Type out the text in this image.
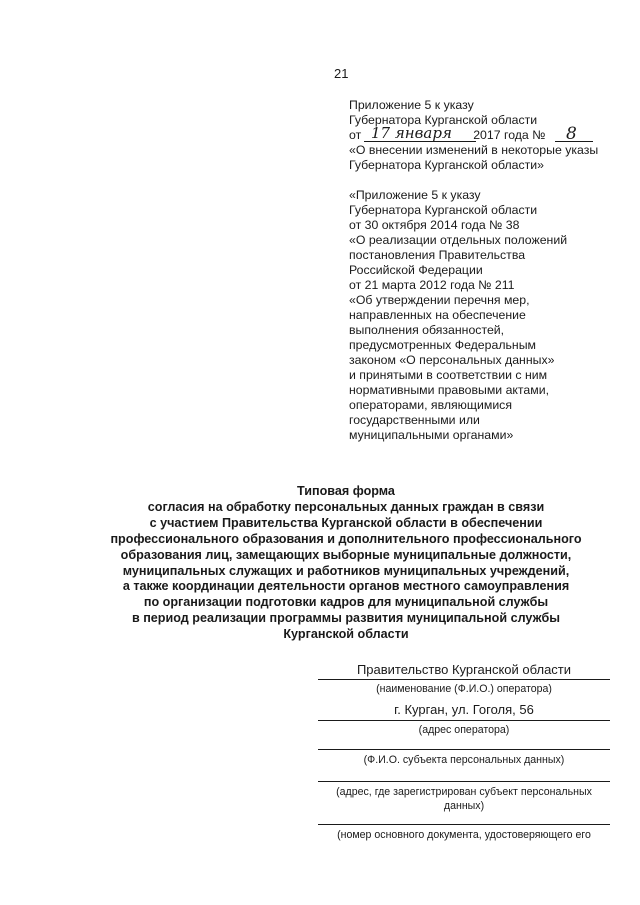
21
Приложение 5 к указу
Губернатора Курганской области
от	2017 года №
«О внесении изменений в некоторые указы
Губернатора Курганской области»
17 января	8
«Приложение 5 к указу
Губернатора Курганской области
от 30 октября 2014 года № 38
«О реализации отдельных положений
постановления Правительства
Российской Федерации
от 21 марта 2012 года № 211
«Об утверждении перечня мер,
направленных на обеспечение
выполнения обязанностей,
предусмотренных Федеральным
законом «О персональных данных»
и принятыми в соответствии с ним
нормативными правовыми актами,
операторами, являющимися
государственными или
муниципальными органами»
Типовая форма
согласия на обработку персональных данных граждан в связи
с участием Правительства Курганской области в обеспечении
профессионального образования и дополнительного профессионального
образования лиц, замещающих выборные муниципальные должности,
муниципальных служащих и работников муниципальных учреждений,
а также координации деятельности органов местного самоуправления
по организации подготовки кадров для муниципальной службы
в период реализации программы развития муниципальной службы
Курганской области
Правительство Курганской области
(наименование (Ф.И.О.) оператора)
г. Курган, ул. Гоголя, 56
(адрес оператора)
(Ф.И.О. субъекта персональных данных)
(адрес, где зарегистрирован субъект персональных данных)
(номер основного документа, удостоверяющего его
